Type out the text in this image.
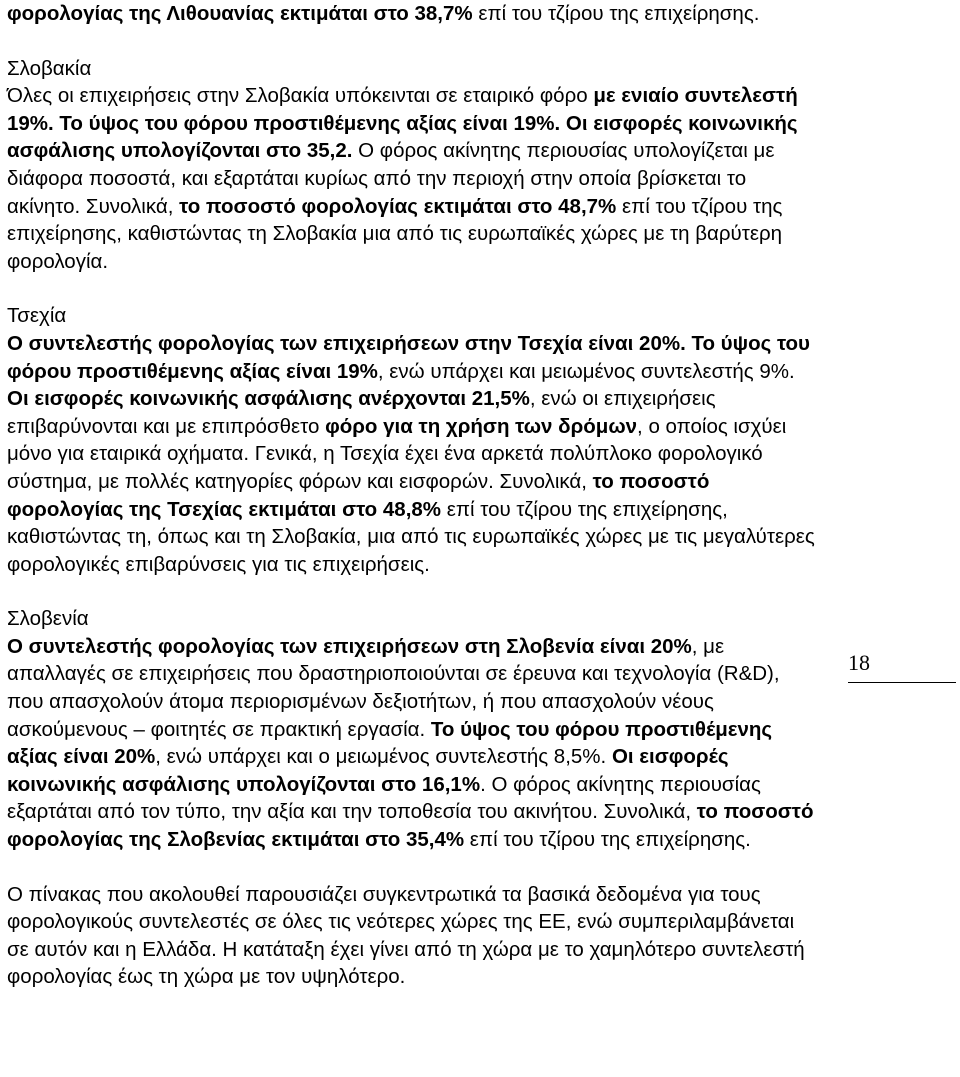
φορολογίας της Λιθουανίας εκτιμάται στο 38,7% επί του τζίρου της επιχείρησης.

Σλοβακία

Όλες οι επιχειρήσεις στην Σλοβακία υπόκεινται σε εταιρικό φόρο με ενιαίο συντελεστή 19%. Το ύψος του φόρου προστιθέμενης αξίας είναι 19%. Οι εισφορές κοινωνικής ασφάλισης υπολογίζονται στο 35,2. Ο φόρος ακίνητης περιουσίας υπολογίζεται με διάφορα ποσοστά, και εξαρτάται κυρίως από την περιοχή στην οποία βρίσκεται το ακίνητο. Συνολικά, το ποσοστό φορολογίας εκτιμάται στο 48,7% επί του τζίρου της επιχείρησης, καθιστώντας τη Σλοβακία μια από τις ευρωπαϊκές χώρες με τη βαρύτερη φορολογία.

Τσεχία

Ο συντελεστής φορολογίας των επιχειρήσεων στην Τσεχία είναι 20%. Το ύψος του φόρου προστιθέμενης αξίας είναι 19%, ενώ υπάρχει και μειωμένος συντελεστής 9%. Οι εισφορές κοινωνικής ασφάλισης ανέρχονται 21,5%, ενώ οι επιχειρήσεις επιβαρύνονται και με επιπρόσθετο φόρο για τη χρήση των δρόμων, ο οποίος ισχύει μόνο για εταιρικά οχήματα. Γενικά, η Τσεχία έχει ένα αρκετά πολύπλοκο φορολογικό σύστημα, με πολλές κατηγορίες φόρων και εισφορών. Συνολικά, το ποσοστό φορολογίας της Τσεχίας εκτιμάται στο 48,8% επί του τζίρου της επιχείρησης, καθιστώντας τη, όπως και τη Σλοβακία, μια από τις ευρωπαϊκές χώρες με τις μεγαλύτερες φορολογικές επιβαρύνσεις για τις επιχειρήσεις.

Σλοβενία

Ο συντελεστής φορολογίας των επιχειρήσεων στη Σλοβενία είναι 20%, με απαλλαγές σε επιχειρήσεις που δραστηριοποιούνται σε έρευνα και τεχνολογία (R&D), που απασχολούν άτομα περιορισμένων δεξιοτήτων, ή που απασχολούν νέους ασκούμενους – φοιτητές σε πρακτική εργασία. Το ύψος του φόρου προστιθέμενης αξίας είναι 20%, ενώ υπάρχει και ο μειωμένος συντελεστής 8,5%. Οι εισφορές κοινωνικής ασφάλισης υπολογίζονται στο 16,1%. Ο φόρος ακίνητης περιουσίας εξαρτάται από τον τύπο, την αξία και την τοποθεσία του ακινήτου. Συνολικά, το ποσοστό φορολογίας της Σλοβενίας εκτιμάται στο 35,4% επί του τζίρου της επιχείρησης.

Ο πίνακας που ακολουθεί παρουσιάζει συγκεντρωτικά τα βασικά δεδομένα για τους φορολογικούς συντελεστές σε όλες τις νεότερες χώρες της ΕΕ, ενώ συμπεριλαμβάνεται σε αυτόν και η Ελλάδα. Η κατάταξη έχει γίνει από τη χώρα με το χαμηλότερο συντελεστή φορολογίας έως τη χώρα με τον υψηλότερο.

18
